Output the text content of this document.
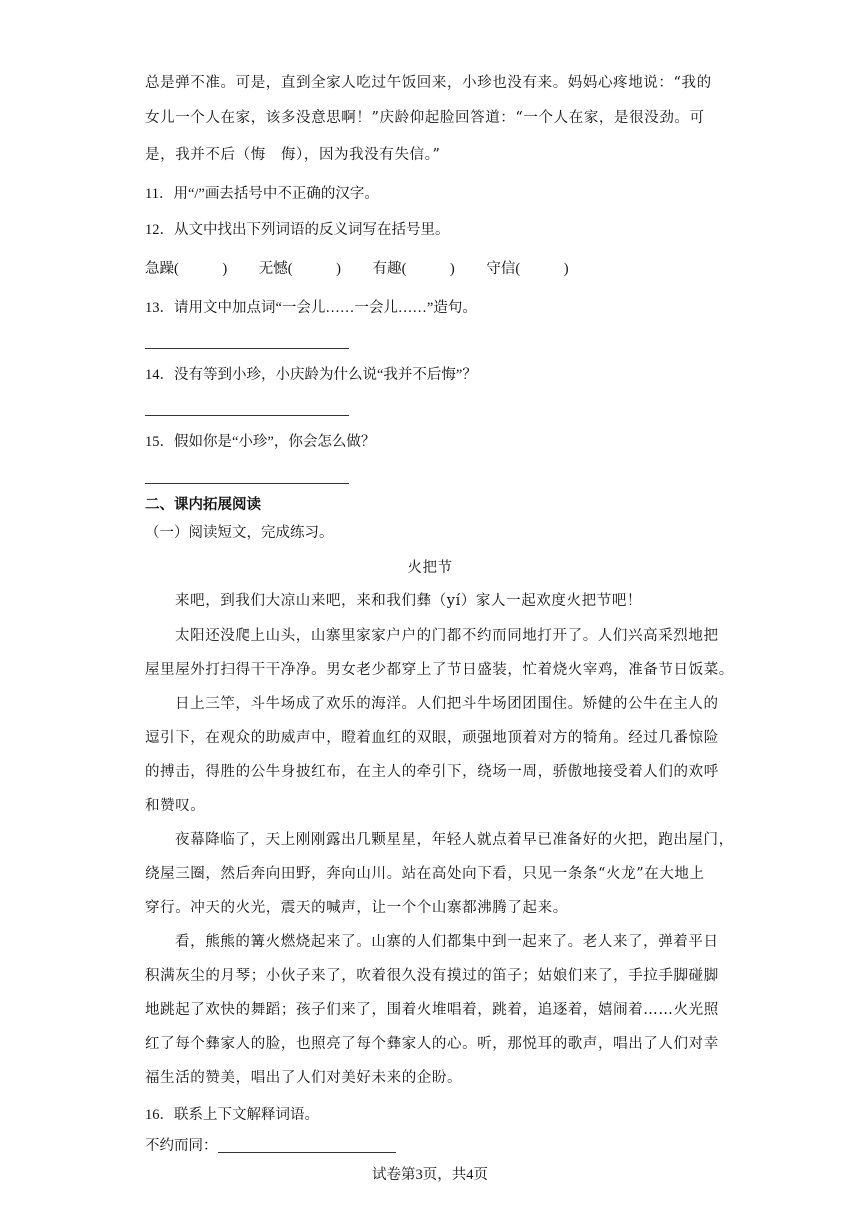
总是弹不准。可是，直到全家人吃过午饭回来，小珍也没有来。妈妈心疼地说：“我的
女儿一个人在家，该多没意思啊！”庆龄仰起脸回答道：“一个人在家，是很没劲。可
是，我并不后（悔　侮），因为我没有失信。”
11．用“/”画去括号中不正确的汉字。
12．从文中找出下列词语的反义词写在括号里。
急躁(　　　) 无憾(　　　) 有趣(　　　) 守信(　　　)
13．请用文中加点词“一会儿……一会儿……”造句。
14．没有等到小珍，小庆龄为什么说“我并不后悔”？
15．假如你是“小珍”，你会怎么做？
二、课内拓展阅读
（一）阅读短文，完成练习。
火把节
来吧，到我们大凉山来吧，来和我们彝（yí）家人一起欢度火把节吧！
太阳还没爬上山头，山寨里家家户户的门都不约而同地打开了。人们兴高采烈地把
屋里屋外打扫得干干净净。男女老少都穿上了节日盛装，忙着烧火宰鸡，准备节日饭菜。
日上三竿，斗牛场成了欢乐的海洋。人们把斗牛场团团围住。矫健的公牛在主人的
逗引下，在观众的助威声中，瞪着血红的双眼，顽强地顶着对方的犄角。经过几番惊险
的搏击，得胜的公牛身披红布，在主人的牵引下，绕场一周，骄傲地接受着人们的欢呼
和赞叹。
夜幕降临了，天上刚刚露出几颗星星，年轻人就点着早已准备好的火把，跑出屋门，
绕屋三圈，然后奔向田野，奔向山川。站在高处向下看，只见一条条“火龙”在大地上
穿行。冲天的火光，震天的喊声，让一个个山寨都沸腾了起来。
看，熊熊的篝火燃烧起来了。山寨的人们都集中到一起来了。老人来了，弹着平日
积满灰尘的月琴；小伙子来了，吹着很久没有摸过的笛子；姑娘们来了，手拉手脚碰脚
地跳起了欢快的舞蹈；孩子们来了，围着火堆唱着，跳着，追逐着，嬉闹着……火光照
红了每个彝家人的脸，也照亮了每个彝家人的心。听，那悦耳的歌声，唱出了人们对幸
福生活的赞美，唱出了人们对美好未来的企盼。
16．联系上下文解释词语。
不约而同：
试卷第3页，共4页
